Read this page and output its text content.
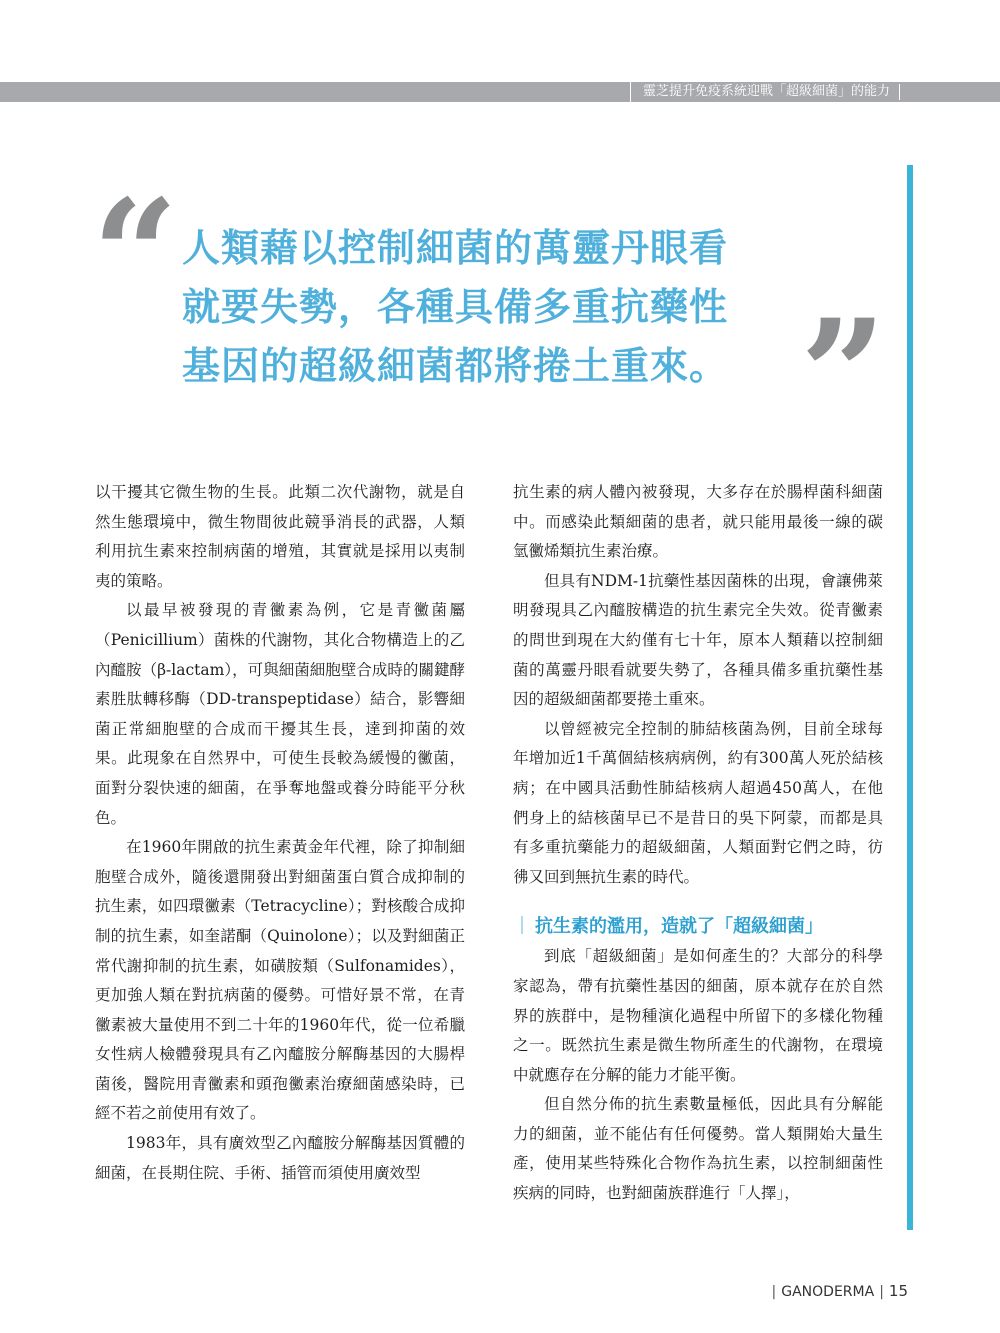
靈芝提升免疫系統迎戰「超級細菌」的能力
“ 人類藉以控制細菌的萬靈丹眼看
就要失勢，各種具備多重抗藥性
基因的超級細菌都將捲土重來。 ”

以干擾其它微生物的生長。此類二次代謝物，就是自然生態環境中，微生物間彼此競爭消長的武器，人類利用抗生素來控制病菌的增殖，其實就是採用以夷制夷的策略。

以最早被發現的青黴素為例，它是青黴菌屬（Penicillium）菌株的代謝物，其化合物構造上的乙內醯胺（β-lactam），可與細菌細胞壁合成時的關鍵酵素胜肽轉移酶（DD-transpeptidase）結合，影響細菌正常細胞壁的合成而干擾其生長，達到抑菌的效果。此現象在自然界中，可使生長較為緩慢的黴菌，面對分裂快速的細菌，在爭奪地盤或養分時能平分秋色。

在1960年開啟的抗生素黃金年代裡，除了抑制細胞壁合成外，隨後還開發出對細菌蛋白質合成抑制的抗生素，如四環黴素（Tetracycline）；對核酸合成抑制的抗生素，如奎諾酮（Quinolone）；以及對細菌正常代謝抑制的抗生素，如磺胺類（Sulfonamides），更加強人類在對抗病菌的優勢。可惜好景不常，在青黴素被大量使用不到二十年的1960年代，從一位希臘女性病人檢體發現具有乙內醯胺分解酶基因的大腸桿菌後，醫院用青黴素和頭孢黴素治療細菌感染時，已經不若之前使用有效了。

1983年，具有廣效型乙內醯胺分解酶基因質體的細菌，在長期住院、手術、插管而須使用廣效型

抗生素的病人體內被發現，大多存在於腸桿菌科細菌中。而感染此類細菌的患者，就只能用最後一線的碳氫黴烯類抗生素治療。

但具有NDM-1抗藥性基因菌株的出現，會讓佛萊明發現具乙內醯胺構造的抗生素完全失效。從青黴素的問世到現在大約僅有七十年，原本人類藉以控制細菌的萬靈丹眼看就要失勢了，各種具備多重抗藥性基因的超級細菌都要捲土重來。

以曾經被完全控制的肺結核菌為例，目前全球每年增加近1千萬個結核病病例，約有300萬人死於結核病；在中國具活動性肺結核病人超過450萬人，在他們身上的結核菌早已不是昔日的吳下阿蒙，而都是具有多重抗藥能力的超級細菌，人類面對它們之時，彷彿又回到無抗生素的時代。

｜ 抗生素的濫用，造就了「超級細菌」

到底「超級細菌」是如何產生的？大部分的科學家認為，帶有抗藥性基因的細菌，原本就存在於自然界的族群中，是物種演化過程中所留下的多樣化物種之一。既然抗生素是微生物所產生的代謝物，在環境中就應存在分解的能力才能平衡。

但自然分佈的抗生素數量極低，因此具有分解能力的細菌，並不能佔有任何優勢。當人類開始大量生產，使用某些特殊化合物作為抗生素，以控制細菌性疾病的同時，也對細菌族群進行「人擇」，

| GANODERMA | 15
